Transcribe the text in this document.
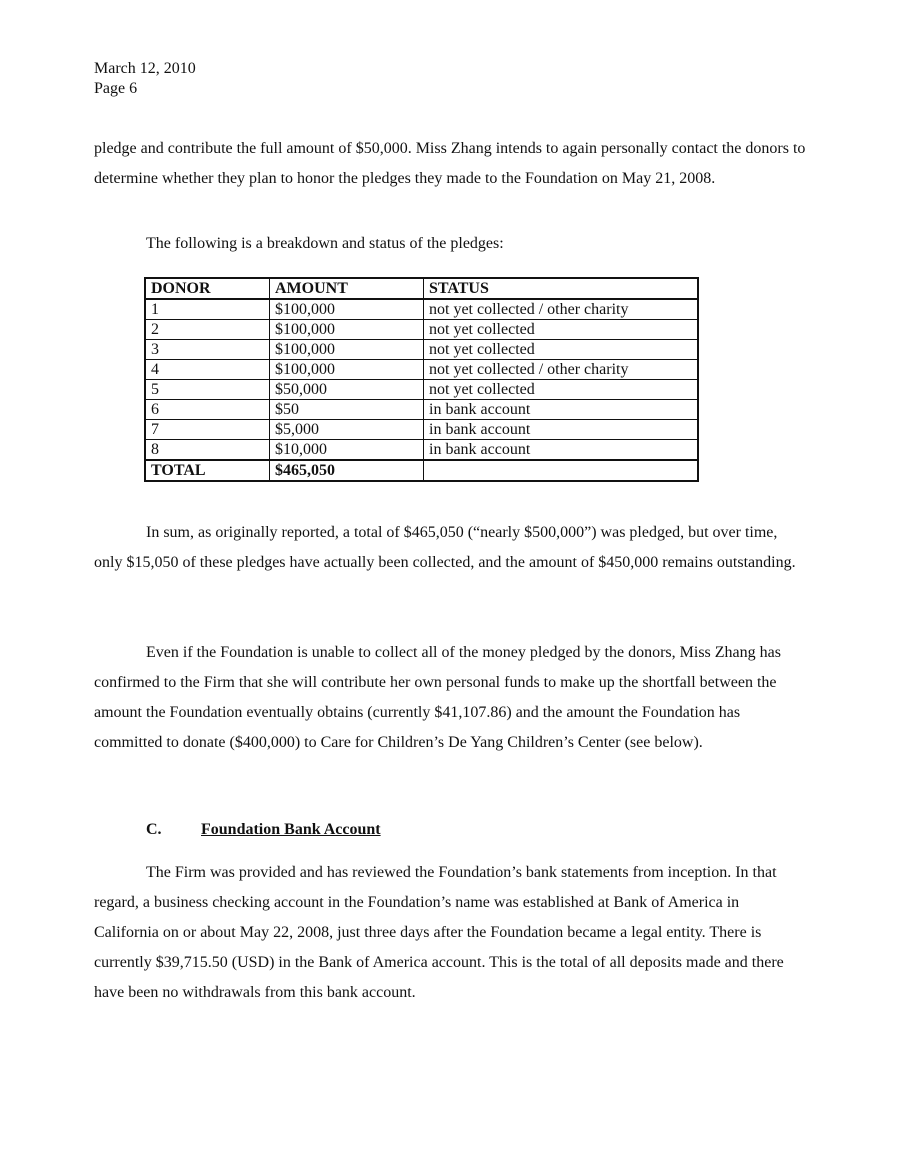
March 12, 2010
Page 6
pledge and contribute the full amount of $50,000. Miss Zhang intends to again personally contact the donors to determine whether they plan to honor the pledges they made to the Foundation on May 21, 2008.
The following is a breakdown and status of the pledges:
DONOR	AMOUNT	STATUS
1	$100,000	not yet collected / other charity
2	$100,000	not yet collected
3	$100,000	not yet collected
4	$100,000	not yet collected / other charity
5	$50,000	not yet collected
6	$50	in bank account
7	$5,000	in bank account
8	$10,000	in bank account
TOTAL	$465,050	
In sum, as originally reported, a total of $465,050 (“nearly $500,000”) was pledged, but over time, only $15,050 of these pledges have actually been collected, and the amount of $450,000 remains outstanding.
Even if the Foundation is unable to collect all of the money pledged by the donors, Miss Zhang has confirmed to the Firm that she will contribute her own personal funds to make up the shortfall between the amount the Foundation eventually obtains (currently $41,107.86) and the amount the Foundation has committed to donate ($400,000) to Care for Children’s De Yang Children’s Center (see below).
C. Foundation Bank Account
The Firm was provided and has reviewed the Foundation’s bank statements from inception. In that regard, a business checking account in the Foundation’s name was established at Bank of America in California on or about May 22, 2008, just three days after the Foundation became a legal entity. There is currently $39,715.50 (USD) in the Bank of America account. This is the total of all deposits made and there have been no withdrawals from this bank account.
